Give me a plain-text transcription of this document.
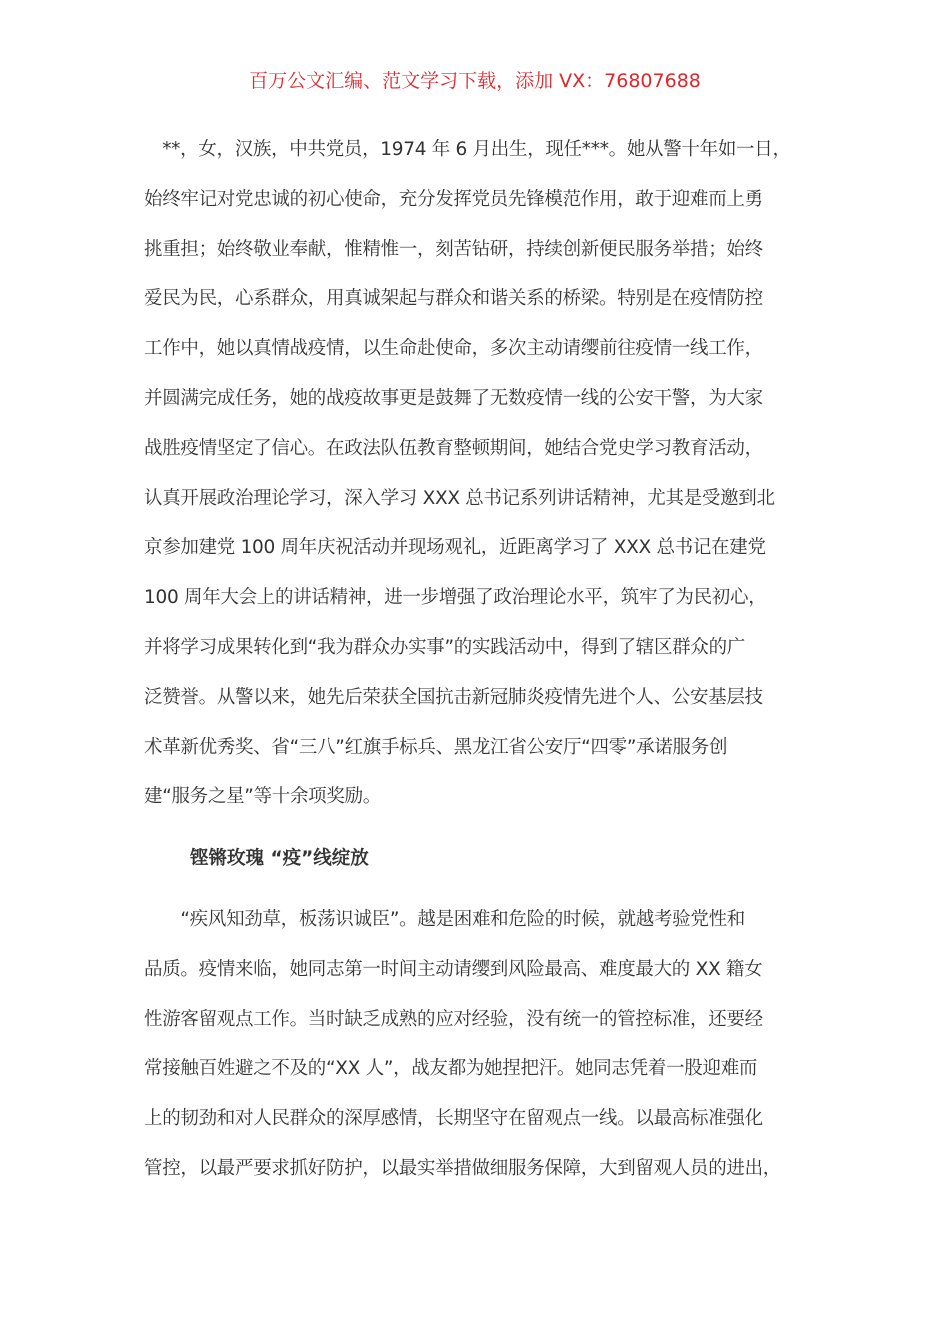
百万公文汇编、范文学习下载，添加 VX：76807688
　**，女，汉族，中共党员，1974 年 6 月出生，现任***。她从警十年如一日，
始终牢记对党忠诚的初心使命，充分发挥党员先锋模范作用，敢于迎难而上勇
挑重担；始终敬业奉献，惟精惟一，刻苦钻研，持续创新便民服务举措；始终
爱民为民，心系群众，用真诚架起与群众和谐关系的桥梁。特别是在疫情防控
工作中，她以真情战疫情，以生命赴使命，多次主动请缨前往疫情一线工作，
并圆满完成任务，她的战疫故事更是鼓舞了无数疫情一线的公安干警，为大家
战胜疫情坚定了信心。在政法队伍教育整顿期间，她结合党史学习教育活动，
认真开展政治理论学习，深入学习 XXX 总书记系列讲话精神，尤其是受邀到北
京参加建党 100 周年庆祝活动并现场观礼，近距离学习了 XXX 总书记在建党
100 周年大会上的讲话精神，进一步增强了政治理论水平，筑牢了为民初心，
并将学习成果转化到“我为群众办实事”的实践活动中，得到了辖区群众的广
泛赞誉。从警以来，她先后荣获全国抗击新冠肺炎疫情先进个人、公安基层技
术革新优秀奖、省“三八”红旗手标兵、黑龙江省公安厅“四零”承诺服务创
建“服务之星”等十余项奖励。
铿锵玫瑰 “疫”线绽放
　　“疾风知劲草，板荡识诚臣”。越是困难和危险的时候，就越考验党性和
品质。疫情来临，她同志第一时间主动请缨到风险最高、难度最大的 XX 籍女
性游客留观点工作。当时缺乏成熟的应对经验，没有统一的管控标准，还要经
常接触百姓避之不及的“XX 人”，战友都为她捏把汗。她同志凭着一股迎难而
上的韧劲和对人民群众的深厚感情，长期坚守在留观点一线。以最高标准强化
管控，以最严要求抓好防护，以最实举措做细服务保障，大到留观人员的进出，
